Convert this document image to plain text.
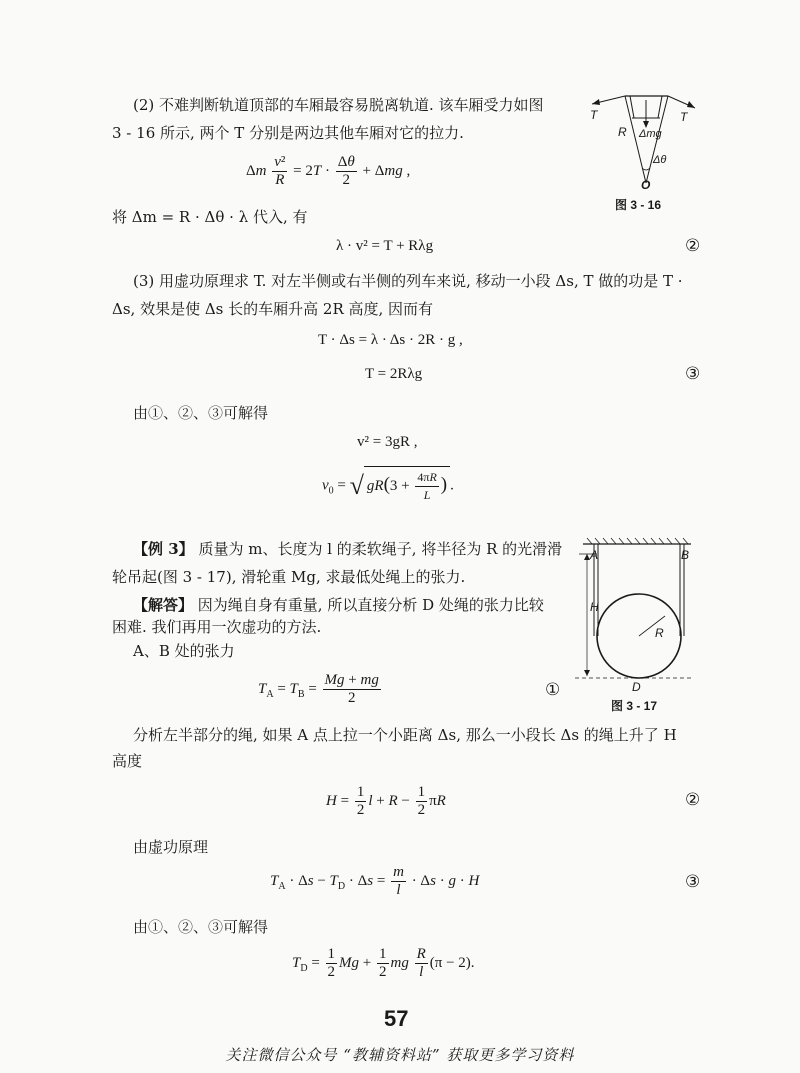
(2) 不难判断轨道顶部的车厢最容易脱离轨道. 该车厢受力如图
3 - 16 所示, 两个 T 分别是两边其他车厢对它的拉力.
Δm $\frac{\text{v²}}{R} = 2T \cdot \frac{\Delta\theta}{2} + \Delta mg$ ,
将 Δm = R · Δθ · λ 代入, 有
λ · v² = T + Rλg	②
T	T
R Δmg
Δθ
O
图 3 - 16
(3) 用虚功原理求 T. 对左半侧或右半侧的列车来说, 移动一小段 Δs, T 做的功是 T ·
Δs, 效果是使 Δs 长的车厢升高 2R 高度, 因而有
T · Δs = λ · Δs · 2R · g ,
T = 2Rλg	③
由①、②、③可解得
v² = 3gR ,
$v_0$ = √ $gR(3 + \frac{4\pi R}{L}$ ) .
【例 3】 质量为 m、长度为 l 的柔软绳子, 将半径为 R 的光滑滑
轮吊起(图 3 - 17), 滑轮重 Mg, 求最低处绳上的张力.
【解答】 因为绳自身有重量, 所以直接分析 D 处绳的张力比较
困难. 我们再用一次虚功的方法.
A、B 处的张力
$T_A = T_B = \frac{Mg + mg}{2}$	①
A	B
H
R
D
图 3 - 17
分析左半部分的绳, 如果 A 点上拉一个小距离 Δs, 那么一小段长 Δs 的绳上升了 H
高度
$H = \frac{1}{2}$ $l + R - \frac{1}{2}$ πR	②
由虚功原理
$T_A \cdot \Delta s - T_D \cdot \Delta s = \frac{m}{l} \cdot \Delta s \cdot g \cdot H$	③
由①、②、③可解得
$T_D = \frac{1}{2}$ $Mg + \frac{1}{2}$ mg $\frac{R}{l} (\pi - 2)$.
57
关注微信公众号 “教辅资料站” 获取更多学习资料
